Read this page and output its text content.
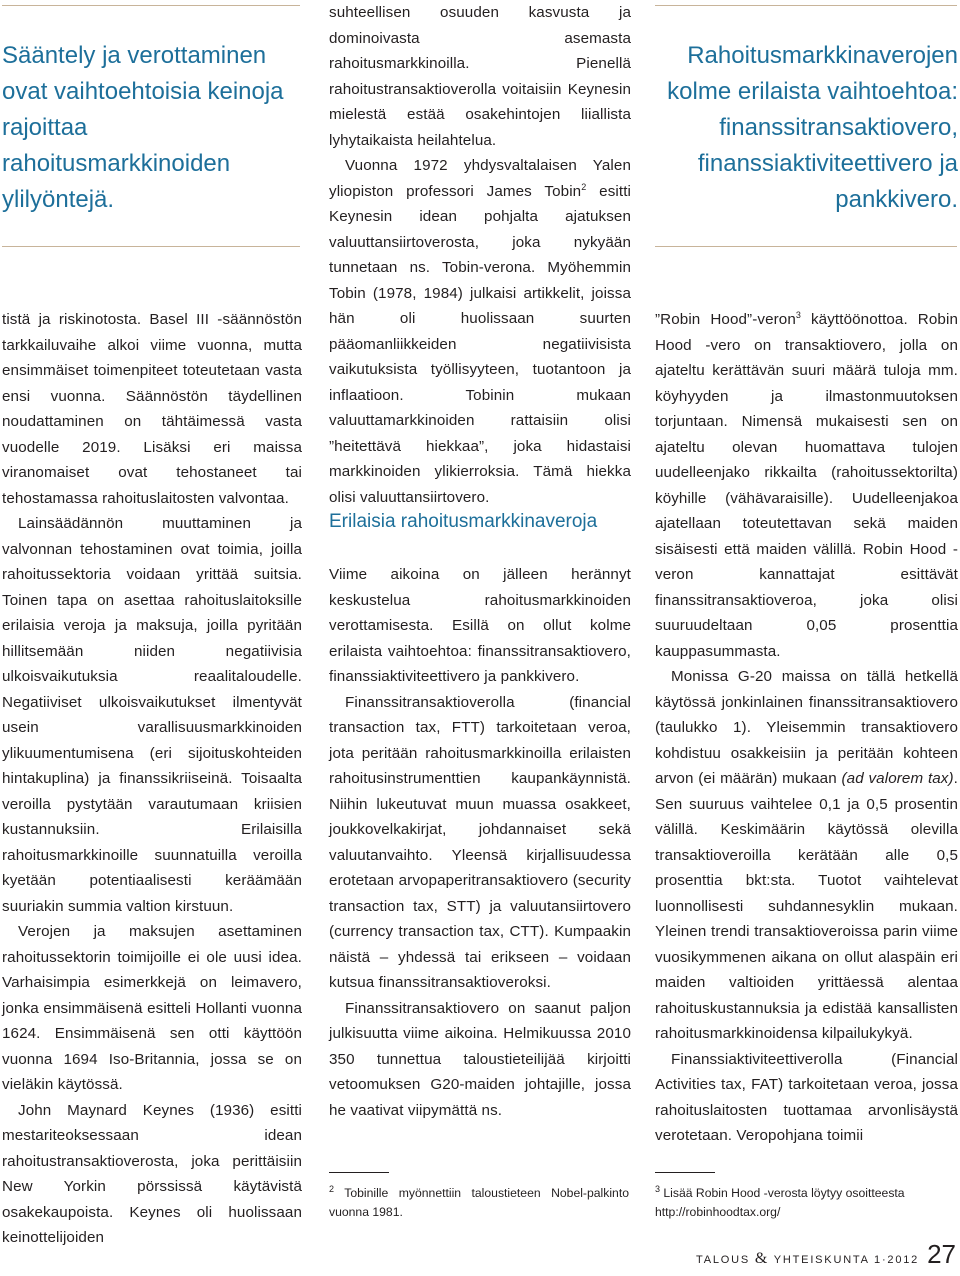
Sääntely ja verottaminen ovat vaihtoehtoisia keinoja rajoittaa rahoitusmarkkinoiden ylilyöntejä.

Rahoitusmarkkinaverojen kolme erilaista vaihtoehtoa: finanssitransaktiovero, finanssiaktiviteettivero ja pankkivero.

tistä ja riskinotosta. Basel III -säännöstön tarkkailuvaihe alkoi viime vuonna, mutta ensimmäiset toimenpiteet toteutetaan vasta ensi vuonna. Säännöstön täydellinen noudattaminen on tähtäimessä vasta vuodelle 2019. Lisäksi eri maissa viranomaiset ovat tehostaneet tai tehostamassa rahoituslaitosten valvontaa.

Lainsäädännön muuttaminen ja valvonnan tehostaminen ovat toimia, joilla rahoitussektoria voidaan yrittää suitsia. Toinen tapa on asettaa rahoituslaitoksille erilaisia veroja ja maksuja, joilla pyritään hillitsemään niiden negatiivisia ulkoisvaikutuksia reaalitaloudelle. Negatiiviset ulkoisvaikutukset ilmentyvät usein varallisuusmarkkinoiden ylikuumentumisena (eri sijoituskohteiden hintakuplina) ja finanssikriiseinä. Toisaalta veroilla pystytään varautumaan kriisien kustannuksiin. Erilaisilla rahoitusmarkkinoille suunnatuilla veroilla kyetään potentiaalisesti keräämään suuriakin summia valtion kirstuun.

Verojen ja maksujen asettaminen rahoitussektorin toimijoille ei ole uusi idea. Varhaisimpia esimerkkejä on leimavero, jonka ensimmäisenä esitteli Hollanti vuonna 1624. Ensimmäisenä sen otti käyttöön vuonna 1694 Iso-Britannia, jossa se on vieläkin käytössä.

John Maynard Keynes (1936) esitti mestariteoksessaan idean rahoitustransaktioverosta, joka perittäisiin New Yorkin pörssissä käytävistä osakekaupoista. Keynes oli huolissaan keinottelijoiden

suhteellisen osuuden kasvusta ja dominoivasta asemasta rahoitusmarkkinoilla. Pienellä rahoitustransaktioverolla voitaisiin Keynesin mielestä estää osakehintojen liiallista lyhytaikaista heilahtelua.

Vuonna 1972 yhdysvaltalaisen Yalen yliopiston professori James Tobin$^2$ esitti Keynesin idean pohjalta ajatuksen valuuttansiirtoverosta, joka nykyään tunnetaan ns. Tobin-verona. Myöhemmin Tobin (1978, 1984) julkaisi artikkelit, joissa hän oli huolissaan suurten pääomanliikkeiden negatiivisista vaikutuksista työllisyyteen, tuotantoon ja inflaatioon. Tobinin mukaan valuuttamarkkinoiden rattaisiin olisi ”heitettävä hiekkaa”, joka hidastaisi markkinoiden ylikierroksia. Tämä hiekka olisi valuuttansiirtovero.

Erilaisia rahoitusmarkkinaveroja

Viime aikoina on jälleen herännyt keskustelua rahoitusmarkkinoiden verottamisesta. Esillä on ollut kolme erilaista vaihtoehtoa: finanssitransaktiovero, finanssiaktiviteettivero ja pankkivero.

Finanssitransaktioverolla (financial transaction tax, FTT) tarkoitetaan veroa, jota peritään rahoitusmarkkinoilla erilaisten rahoitusinstrumenttien kaupankäynnistä. Niihin lukeutuvat muun muassa osakkeet, joukkovelkakirjat, johdannaiset sekä valuutanvaihto. Yleensä kirjallisuudessa erotetaan arvopaperitransaktiovero (security transaction tax, STT) ja valuutansiirtovero (currency transaction tax, CTT). Kumpaakin näistä – yhdessä tai erikseen – voidaan kutsua finanssitransaktioveroksi.

Finanssitransaktiovero on saanut paljon julkisuutta viime aikoina. Helmikuussa 2010 350 tunnettua taloustieteilijää kirjoitti vetoomuksen G20-maiden johtajille, jossa he vaativat viipymättä ns.

$^2$ Tobinille myönnettiin taloustieteen Nobel-palkinto vuonna 1981.

”Robin Hood”-veron$^3$ käyttöönottoa. Robin Hood -vero on transaktiovero, jolla on ajateltu kerättävän suuri määrä tuloja mm. köyhyyden ja ilmastonmuutoksen torjuntaan. Nimensä mukaisesti sen on ajateltu olevan huomattava tulojen uudelleenjako rikkailta (rahoitussektorilta) köyhille (vähävaraisille). Uudelleenjakoa ajatellaan toteutettavan sekä maiden sisäisesti että maiden välillä. Robin Hood -veron kannattajat esittävät finanssitransaktioveroa, joka olisi suuruudeltaan 0,05 prosenttia kauppasummasta.

Monissa G-20 maissa on tällä hetkellä käytössä jonkinlainen finanssitransaktiovero (taulukko 1). Yleisemmin transaktiovero kohdistuu osakkeisiin ja peritään kohteen arvon (ei määrän) mukaan (ad valorem tax). Sen suuruus vaihtelee 0,1 ja 0,5 prosentin välillä. Keskimäärin käytössä olevilla transaktioveroilla kerätään alle 0,5 prosenttia bkt:sta. Tuotot vaihtelevat luonnollisesti suhdannesyklin mukaan. Yleinen trendi transaktioveroissa parin viime vuosikymmenen aikana on ollut alaspäin eri maiden valtioiden yrittäessä alentaa rahoituskustannuksia ja edistää kansallisten rahoitusmarkkinoidensa kilpailukykyä.

Finanssiaktiviteettiverolla (Financial Activities tax, FAT) tarkoitetaan veroa, jossa rahoituslaitosten tuottamaa arvonlisäystä verotetaan. Veropohjana toimii

$^3$ Lisää Robin Hood -verosta löytyy osoitteesta http://robinhoodtax.org/

TALOUS & YHTEISKUNTA 1·2012 27
